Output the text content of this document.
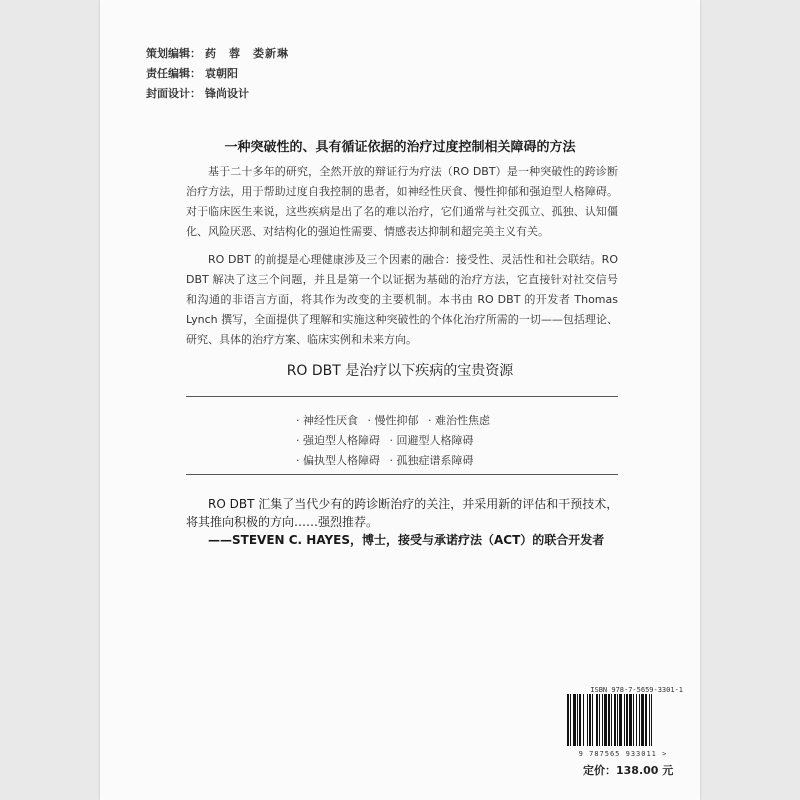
策划编辑： 药　蓉　娄新琳
责任编辑： 袁朝阳
封面设计： 锋尚设计
一种突破性的、具有循证依据的治疗过度控制相关障碍的方法

基于二十多年的研究，全然开放的辩证行为疗法（RO DBT）是一种突破性的跨诊断治疗方法，用于帮助过度自我控制的患者，如神经性厌食、慢性抑郁和强迫型人格障碍。对于临床医生来说，这些疾病是出了名的难以治疗，它们通常与社交孤立、孤独、认知僵化、风险厌恶、对结构化的强迫性需要、情感表达抑制和超完美主义有关。

RO DBT 的前提是心理健康涉及三个因素的融合：接受性、灵活性和社会联结。RO DBT 解决了这三个问题，并且是第一个以证据为基础的治疗方法，它直接针对社交信号和沟通的非语言方面，将其作为改变的主要机制。本书由 RO DBT 的开发者 Thomas Lynch 撰写，全面提供了理解和实施这种突破性的个体化治疗所需的一切——包括理论、研究、具体的治疗方案、临床实例和未来方向。

RO DBT 是治疗以下疾病的宝贵资源
· 神经性厌食 · 慢性抑郁 · 难治性焦虑
· 强迫型人格障碍 · 回避型人格障碍
· 偏执型人格障碍 · 孤独症谱系障碍

RO DBT 汇集了当代少有的跨诊断治疗的关注，并采用新的评估和干预技术，将其推向积极的方向……强烈推荐。

——STEVEN C. HAYES，博士，接受与承诺疗法（ACT）的联合开发者

ISBN 978-7-5659-3301-1
9 787565 933011 >
定价：138.00 元
